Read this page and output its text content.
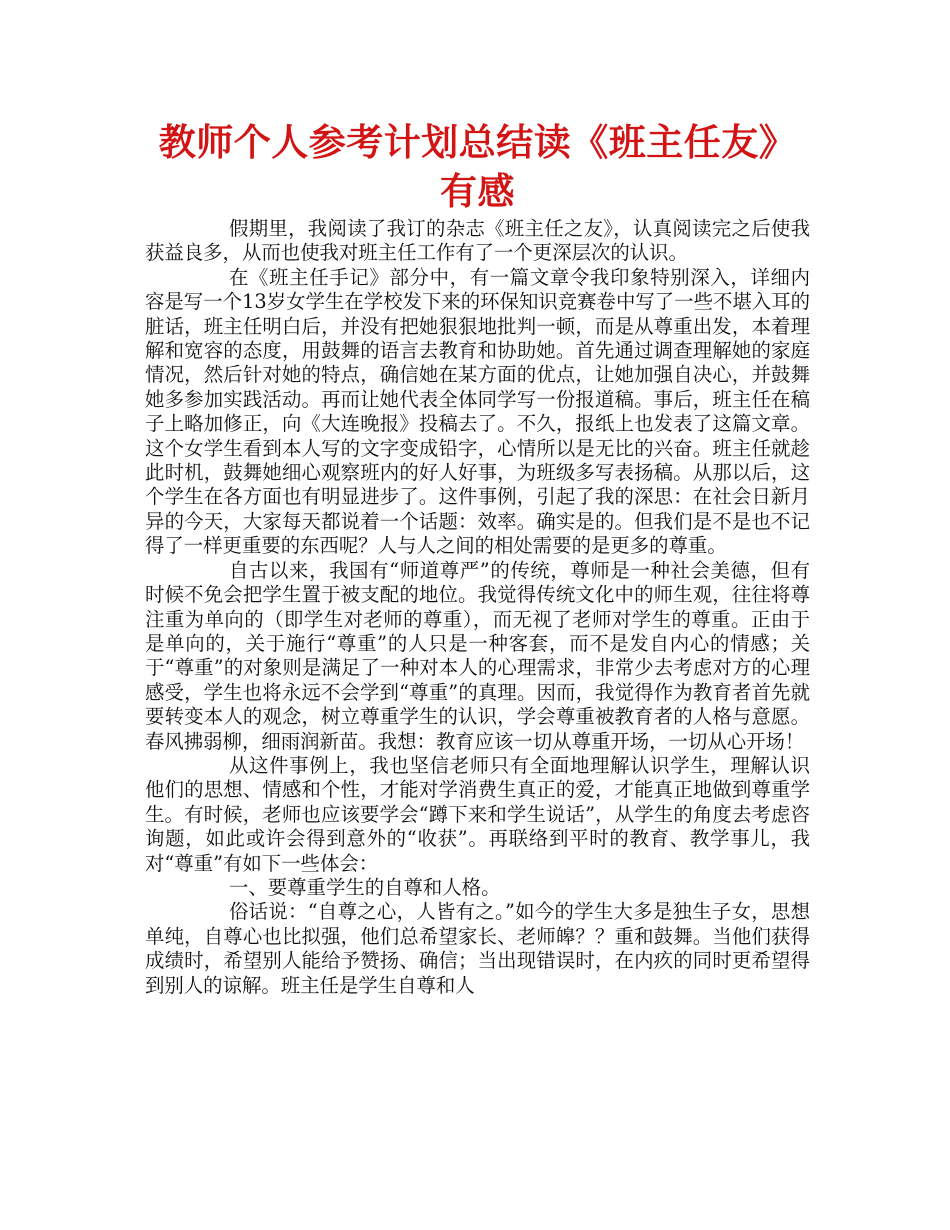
教师个人参考计划总结读《班主任友》有感

假期里，我阅读了我订的杂志《班主任之友》，认真阅读完之后使我获益良多，从而也使我对班主任工作有了一个更深层次的认识。

在《班主任手记》部分中，有一篇文章令我印象特别深入，详细内容是写一个13岁女学生在学校发下来的环保知识竞赛卷中写了一些不堪入耳的脏话，班主任明白后，并没有把她狠狠地批判一顿，而是从尊重出发，本着理解和宽容的态度，用鼓舞的语言去教育和协助她。首先通过调查理解她的家庭情况，然后针对她的特点，确信她在某方面的优点，让她加强自决心，并鼓舞她多参加实践活动。再而让她代表全体同学写一份报道稿。事后，班主任在稿子上略加修正，向《大连晚报》投稿去了。不久，报纸上也发表了这篇文章。这个女学生看到本人写的文字变成铅字，心情所以是无比的兴奋。班主任就趁此时机，鼓舞她细心观察班内的好人好事，为班级多写表扬稿。从那以后，这个学生在各方面也有明显进步了。这件事例，引起了我的深思：在社会日新月异的今天，大家每天都说着一个话题：效率。确实是的。但我们是不是也不记得了一样更重要的东西呢？人与人之间的相处需要的是更多的尊重。

自古以来，我国有“师道尊严”的传统，尊师是一种社会美德，但有时候不免会把学生置于被支配的地位。我觉得传统文化中的师生观，往往将尊注重为单向的（即学生对老师的尊重），而无视了老师对学生的尊重。正由于是单向的，关于施行“尊重”的人只是一种客套，而不是发自内心的情感；关于“尊重”的对象则是满足了一种对本人的心理需求，非常少去考虑对方的心理感受，学生也将永远不会学到“尊重”的真理。因而，我觉得作为教育者首先就要转变本人的观念，树立尊重学生的认识，学会尊重被教育者的人格与意愿。春风拂弱柳，细雨润新苗。我想：教育应该一切从尊重开场，一切从心开场！

从这件事例上，我也坚信老师只有全面地理解认识学生，理解认识他们的思想、情感和个性，才能对学消费生真正的爱，才能真正地做到尊重学生。有时候，老师也应该要学会“蹲下来和学生说话”，从学生的角度去考虑咨询题，如此或许会得到意外的“收获”。再联络到平时的教育、教学事儿，我对“尊重”有如下一些体会：

一、要尊重学生的自尊和人格。

俗话说：“自尊之心，人皆有之。”如今的学生大多是独生子女，思想单纯，自尊心也比拟强，他们总希望家长、老师皞？？重和鼓舞。当他们获得成绩时，希望别人能给予赞扬、确信；当出现错误时，在内疚的同时更希望得到别人的谅解。班主任是学生自尊和人
